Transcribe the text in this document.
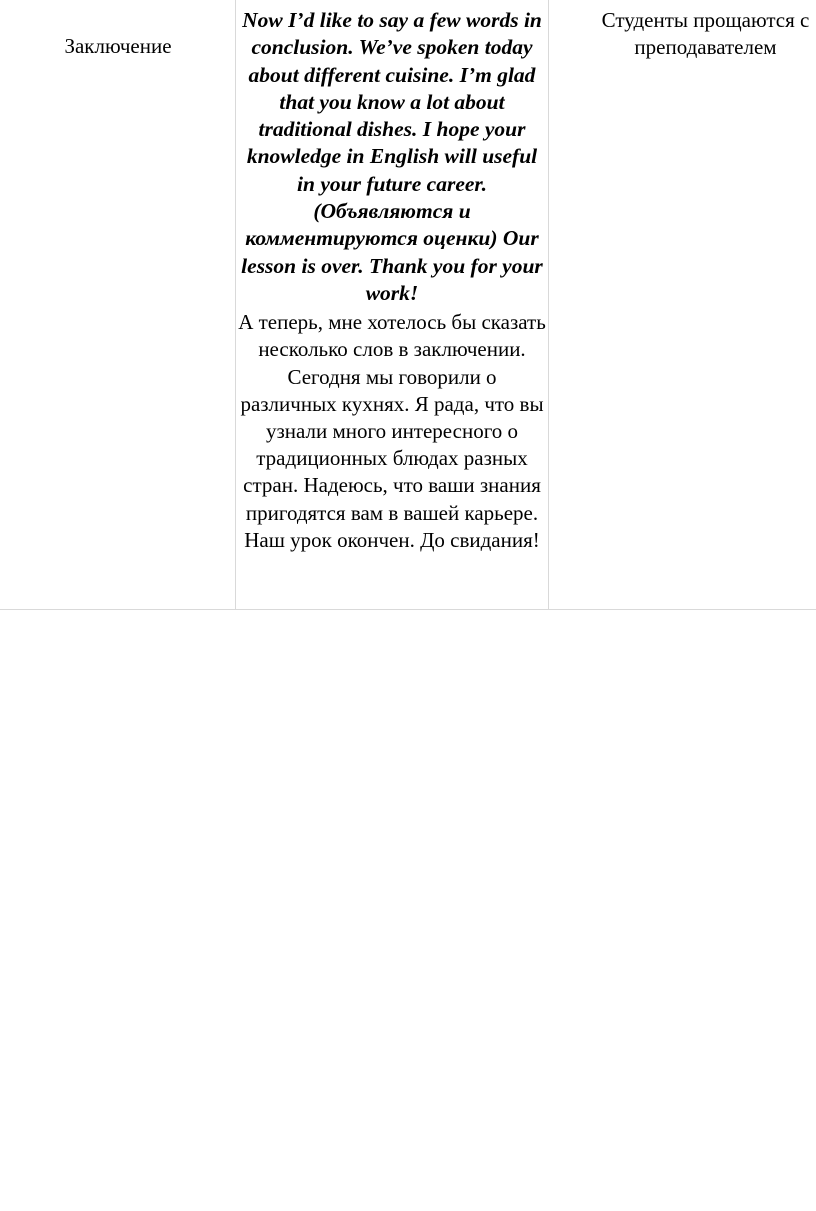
Заключение

Now I’d like to say a few words in conclusion. We’ve spoken today about different cuisine. I’m glad that you know a lot about traditional dishes. I hope your knowledge in English will useful in your future career. (Объявляются и комментируются оценки) Our lesson is over. Thank you for your work!

А теперь, мне хотелось бы сказать несколько слов в заключении. Сегодня мы говорили о различных кухнях. Я рада, что вы узнали много интересного о традиционных блюдах разных стран. Надеюсь, что ваши знания пригодятся вам в вашей карьере. Наш урок окончен. До свидания!

Студенты прощаются с
преподавателем
